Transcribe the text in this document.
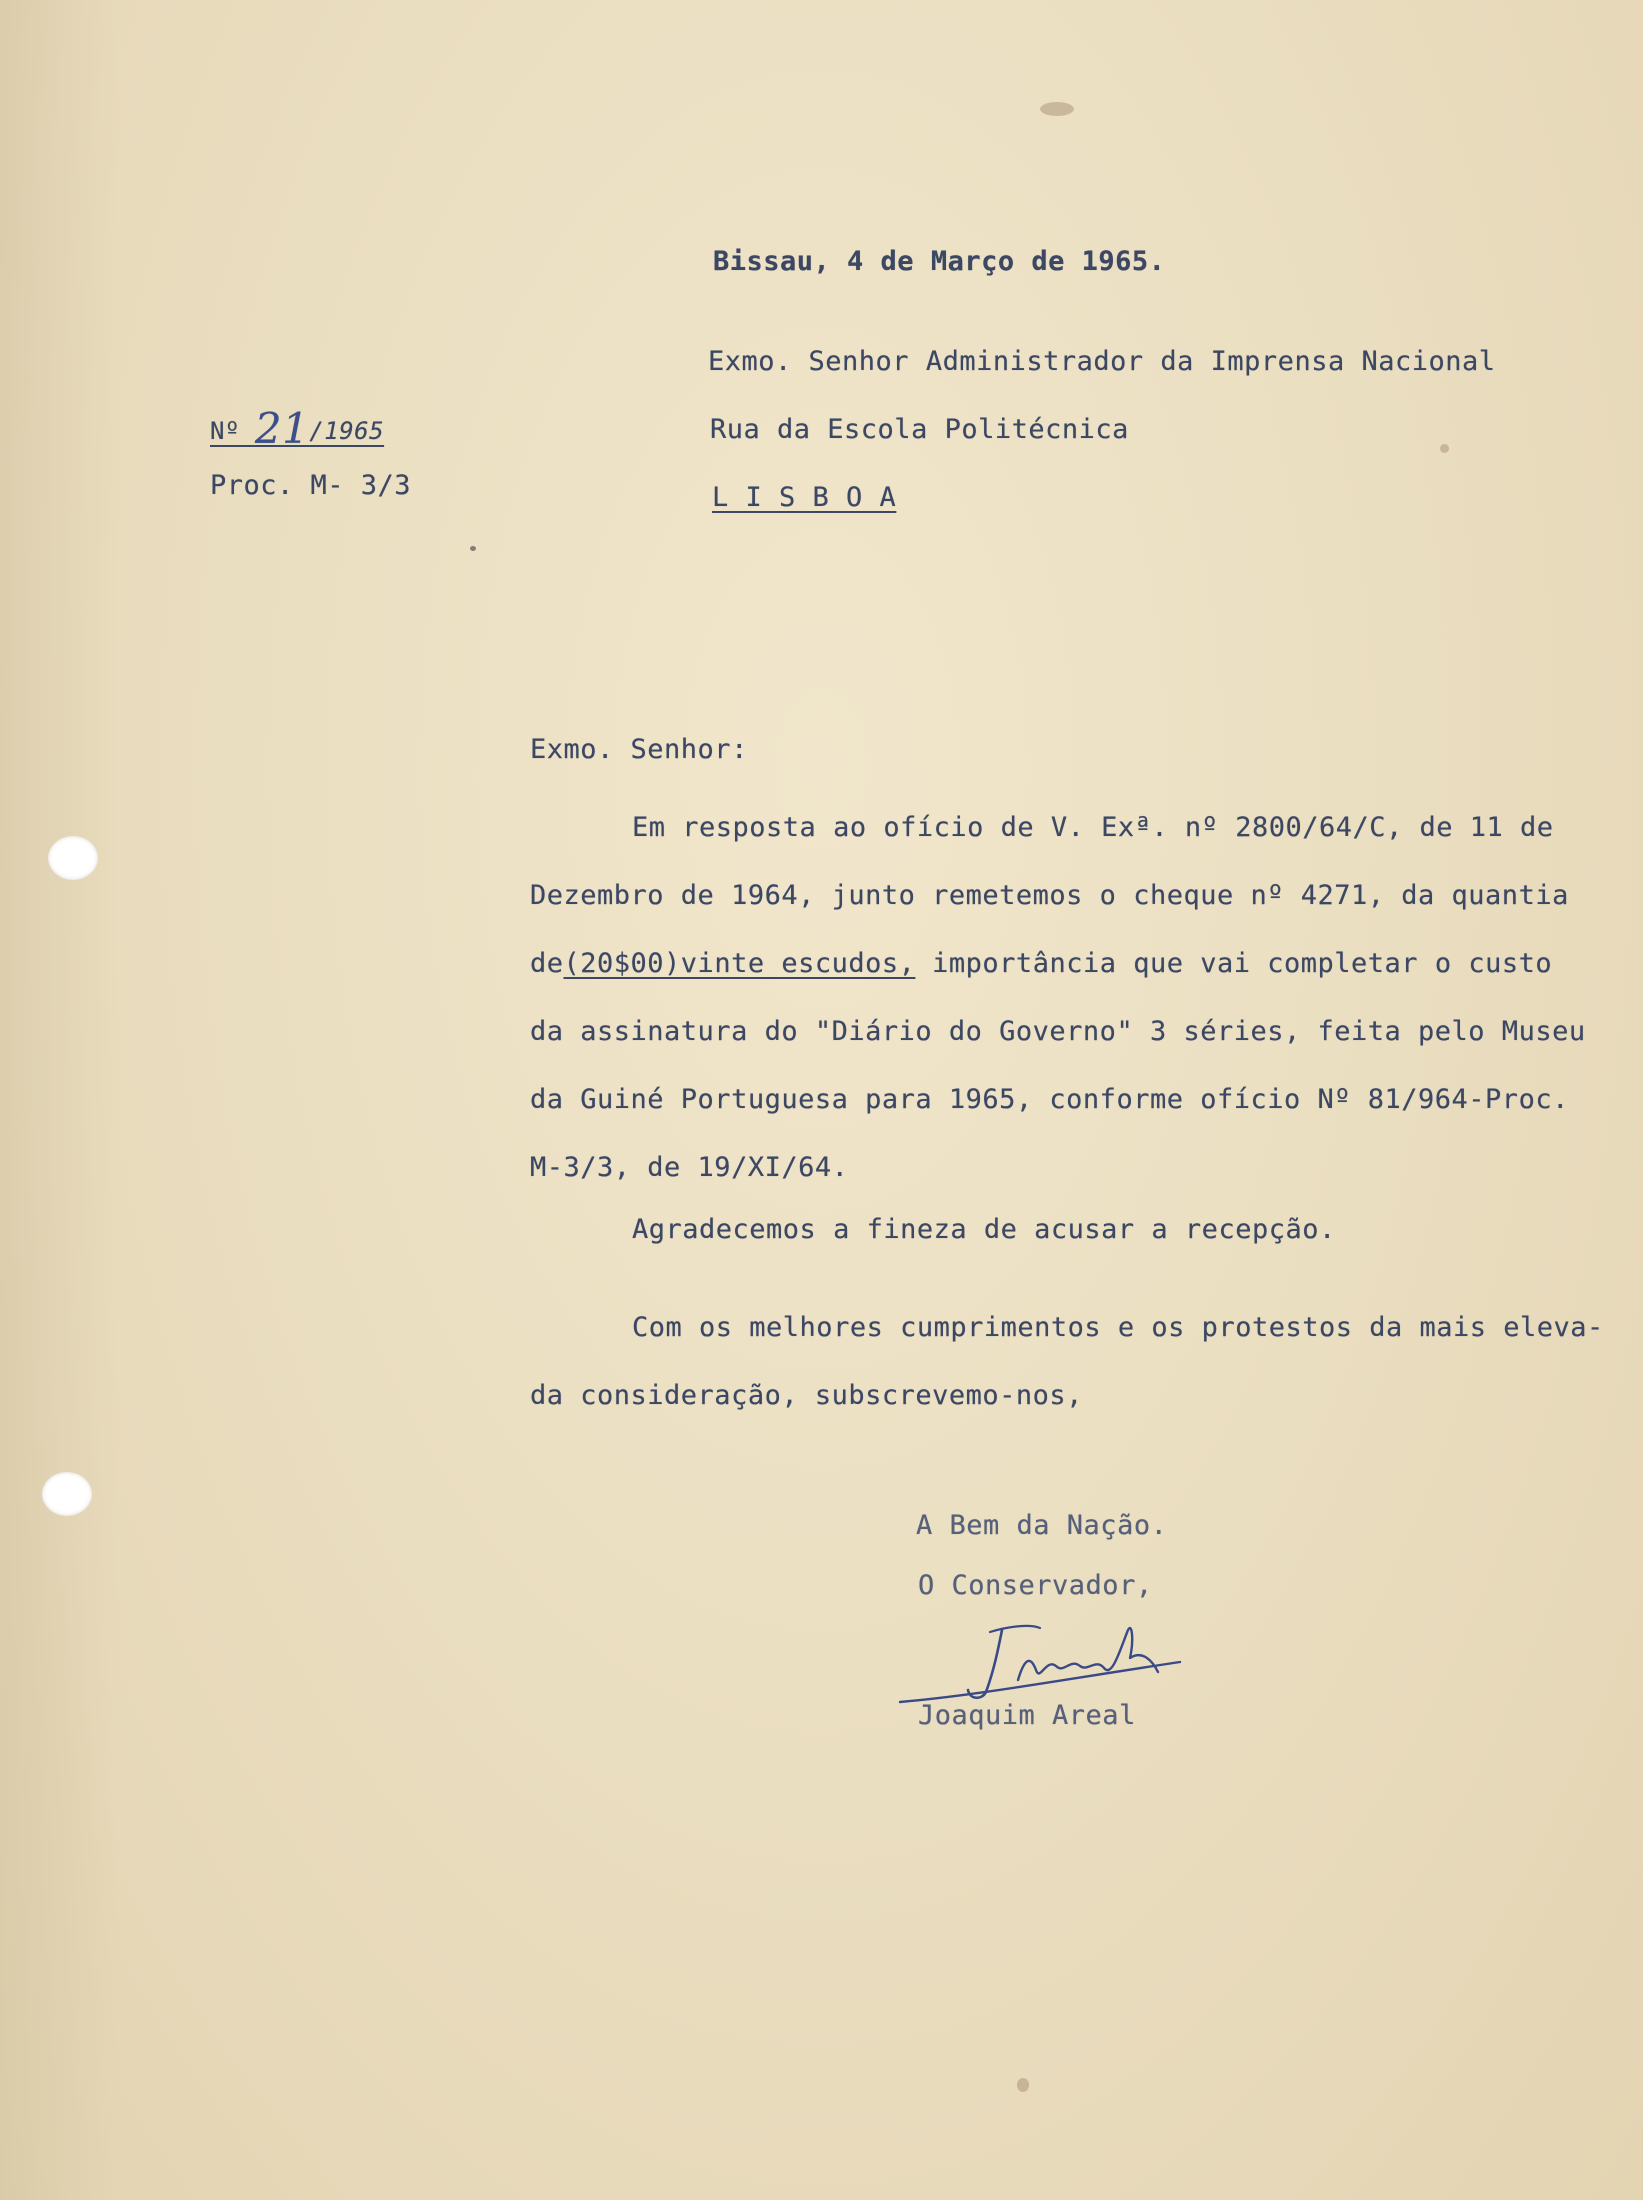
Bissau, 4 de Março de 1965.
Exmo. Senhor Administrador da Imprensa Nacional
Rua da Escola Politécnica
L I S B O A
Nº 21/1965
Proc. M- 3/3
Exmo. Senhor:
Em resposta ao ofício de V. Exª. nº 2800/64/C, de 11 de
Dezembro de 1964, junto remetemos o cheque nº 4271, da quantia
de(20$00)vinte escudos, importância que vai completar o custo
da assinatura do "Diário do Governo" 3 séries, feita pelo Museu
da Guiné Portuguesa para 1965, conforme ofício Nº 81/964-Proc.
M-3/3, de 19/XI/64.
Agradecemos a fineza de acusar a recepção.
Com os melhores cumprimentos e os protestos da mais eleva-
da consideração, subscrevemo-nos,
A Bem da Nação.
O Conservador,
Joaquim Areal
